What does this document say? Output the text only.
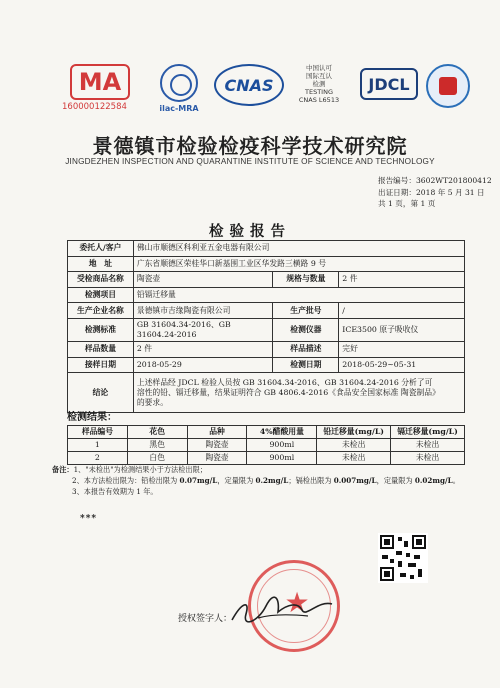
MA
160000122584	ilac-MRA
CNAS
中国认可
国际互认
检测
TESTING
CNAS L6513
JDCL
景德镇市检验检疫科学技术研究院
JINGDEZHEN INSPECTION AND QUARANTINE INSTITUTE OF SCIENCE AND TECHNOLOGY
报告编号：3602WT201800412
出证日期：2018 年 5 月 31 日
共 1 页，第 1 页
检验报告
委托人/客户	佛山市顺德区科利亚五金电器有限公司		
地　址	广东省顺德区荣桂华口新基围工业区华发路三横路 9 号		
受检商品名称	陶瓷壶	规格与数量	2 件
检测项目	铅镉迁移量		
生产企业名称	景德镇市吉缘陶瓷有限公司	生产批号	/
检测标准	GB 31604.34-2016、GB 31604.24-2016	检测仪器	ICE3500 原子吸收仪
样品数量	2 件	样品描述	完好
接样日期	2018-05-29	检测日期	2018-05-29~05-31
结论	上述样品经 JDCL 检验人员按 GB 31604.34-2016、GB 31604.24-2016 分析了可
溶性的铅、镉迁移量，结果证明符合 GB 4806.4-2016《食品安全国家标准 陶瓷制品》
的要求。		
检测结果：
样品编号	花色	品种	4%醋酸用量	铅迁移量(mg/L)	镉迁移量(mg/L)
1	黑色	陶瓷壶	900ml	未检出	未检出
2	白色	陶瓷壶	900ml	未检出	未检出
备注：1、"未检出"为检测结果小于方法检出限；
2、本方法检出限为：铅检出限为 0.07mg/L，定量限为 0.2mg/L；镉检出限为 0.007mg/L，定量限为 0.02mg/L。
3、本报告有效期为 1 年。
***
★
授权签字人：
